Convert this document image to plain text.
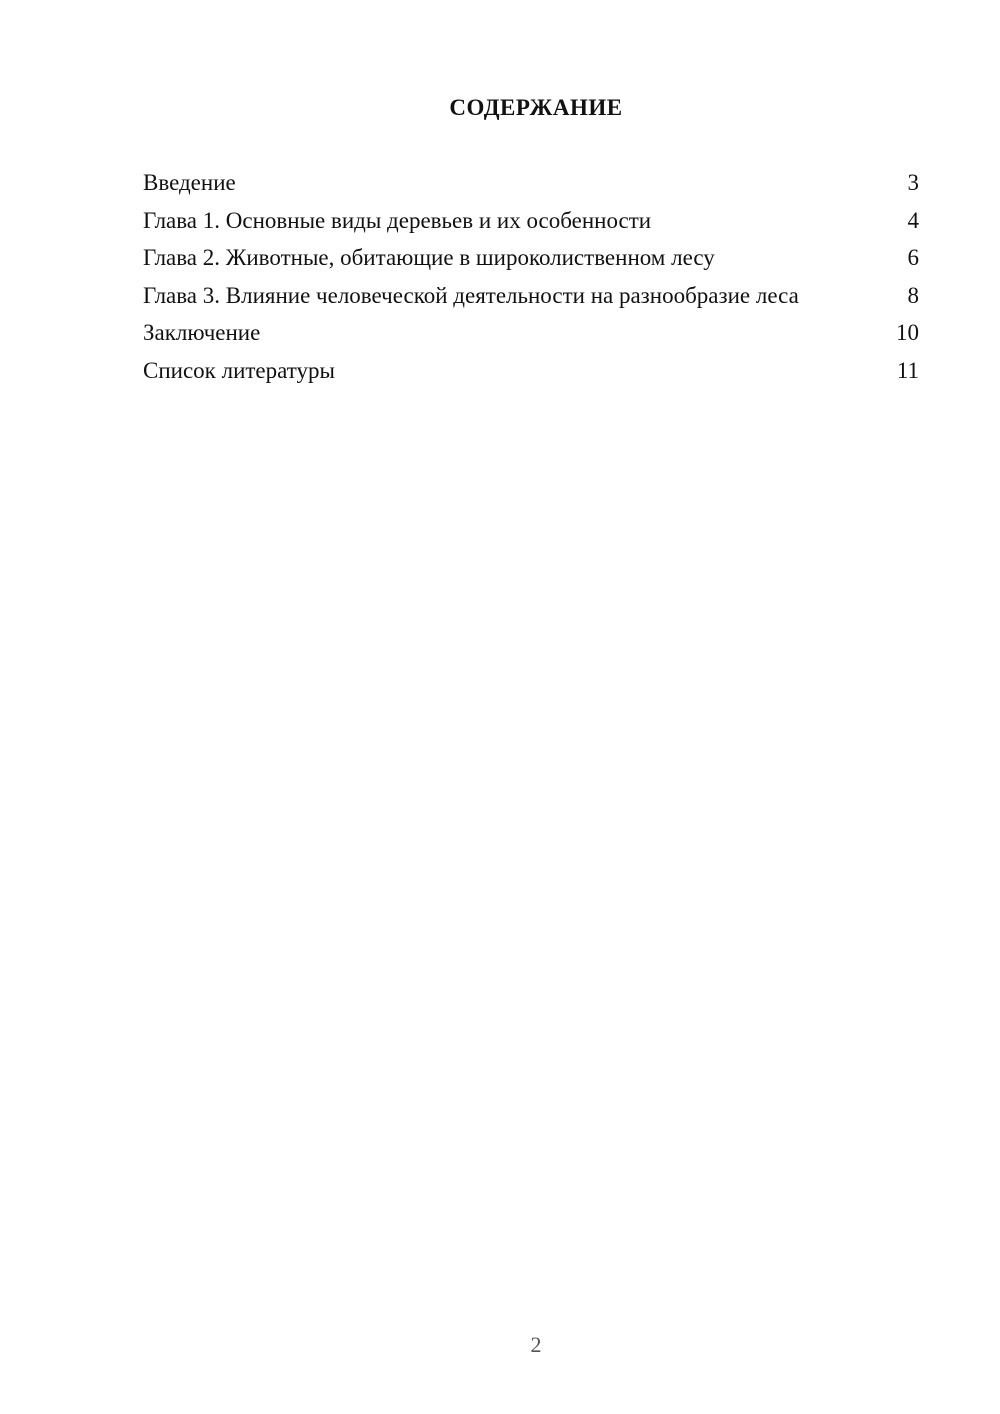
СОДЕРЖАНИЕ
Введение	3
Глава 1. Основные виды деревьев и их особенности	4
Глава 2. Животные, обитающие в широколиственном лесу	6
Глава 3. Влияние человеческой деятельности на разнообразие леса	8
Заключение	10
Список литературы	11
2
